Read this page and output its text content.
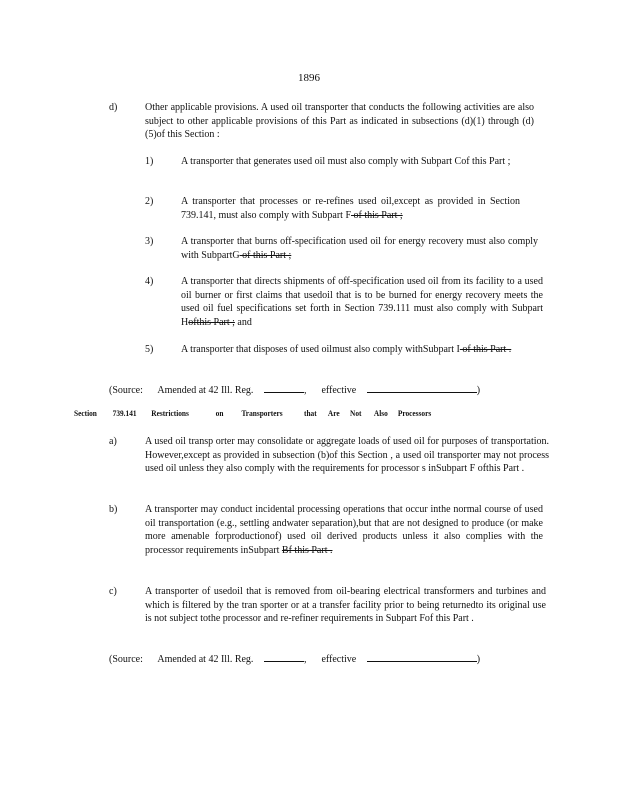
1896
d)	Other applicable provisions. A used oil transporter that conducts the following activities are also subject to other applicable provisions of this Part as indicated in subsections (d)(1) through (d) (5)of this Section :
1)	A transporter that generates used oil must also comply with Subpart Cof this Part ;
2)	A transporter that processes or re-refines used oil,except as provided in Section 739.141, must also comply with Subpart F of this Part ;
3)	A transporter that burns off-specification used oil for energy recovery must also comply with SubpartG of this Part ;
4)	A transporter that directs shipments of off-specification used oil from its facility to a used oil burner or first claims that usedoil that is to be burned for energy recovery meets the used oil fuel specifications set forth in Section 739.111 must also comply with Subpart Hofthis Part ; and
5)	A transporter that disposes of used oilmust also comply withSubpart I of this Part .
(Source: Amended at 42 Ill. Reg.	,  effective	)
Section 739.141 Restrictions	on Transporters	that Are Not Also Processors
a)	A used oil transp orter may consolidate or aggregate loads of used oil for purposes of transportation. However,except as provided in subsection (b)of this Section , a used oil transporter may not process used oil unless they also comply with the requirements for processor s inSubpart F ofthis Part .
b)	A transporter may conduct incidental processing operations that occur inthe normal course of used oil transportation (e.g., settling andwater separation),but that are not designed to produce (or make more amenable forproductionof) used oil derived products unless it also complies with the processor requirements inSubpart Bf this Part .
c)	A transporter of usedoil that is removed from oil-bearing electrical transformers and turbines and which is filtered by the tran sporter or at a transfer facility prior to being returnedto its original use is not subject tothe processor and re-refiner requirements in Subpart Fof this Part .
(Source: Amended at 42 Ill. Reg.	,  effective	)
